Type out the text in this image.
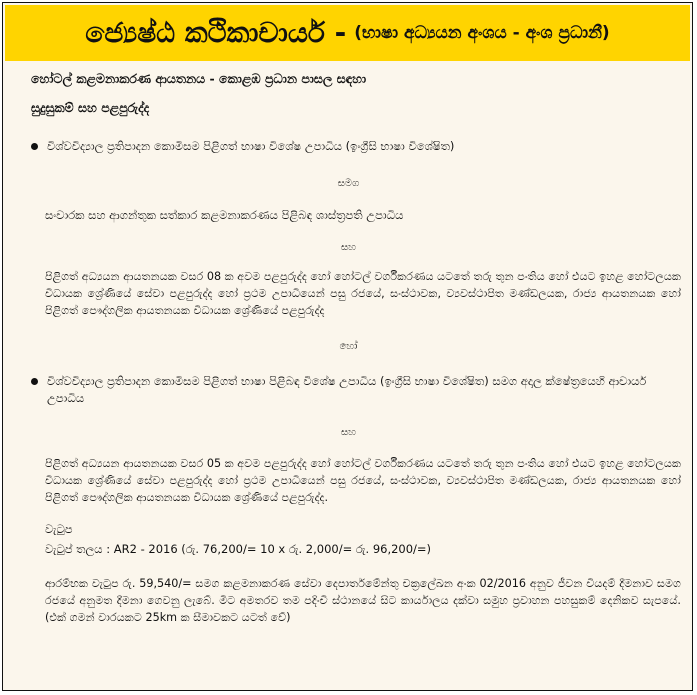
ජ්‍යෙෂ්ඨ කථිකාචාර්ය - (භාෂා අධ්‍යයන අංශය - අංශ ප්‍රධානී)
හෝටල් කළමනාකරණ ආයතනය - කොළඹ ප්‍රධාන පාසල සඳහා
සුදුසුකම් සහ පළපුරුද්ද
විශ්වවිද්‍යාල ප්‍රතිපාදන කොමිසම පිළිගත් භාෂා විශේෂ උපාධිය (ඉංග්‍රීසි භාෂා විශේෂිත)
සමග
සංචාරක සහ ආගන්තුක සත්කාර කළමනාකරණය පිළිබඳ ශාස්ත්‍රපති උපාධිය
සහ
පිළිගත් අධ්‍යයන ආයතනයක වසර 08 ක අවම පළපුරුද්ද හෝ හෝටල් වර්ගීකරණය යටතේ තරු තුන පංතිය හෝ එයට ඉහළ හෝටලයක විධායක ශ්‍රේණියේ සේවා පළපුරුද්ද හෝ ප්‍රථම උපාධියෙන් පසු රජයේ, සංස්ථාවක, ව්‍යවස්ථාපිත මණ්ඩලයක, රාජ්‍ය ආයතනයක හෝ පිළිගත් පෞද්ගලික ආයතනයක විධායක ශ්‍රේණියේ පළපුරුද්ද
හෝ
විශ්වවිද්‍යාල ප්‍රතිපාදන කොමිසම පිළිගත් භාෂා පිළිබඳ විශේෂ උපාධිය (ඉංග්‍රීසි භාෂා විශේෂිත) සමග අදාල ක්ෂේත්‍රයෙහි ආචාර්ය උපාධිය
සහ
පිළිගත් අධ්‍යයන ආයතනයක වසර 05 ක අවම පළපුරුද්ද හෝ හෝටල් වර්ගීකරණය යටතේ තරු තුන පංතිය හෝ එයට ඉහළ හෝටලයක විධායක ශ්‍රේණියේ සේවා පළපුරුද්ද හෝ ප්‍රථම උපාධියෙන් පසු රජයේ, සංස්ථාවක, ව්‍යවස්ථාපිත මණ්ඩලයක, රාජ්‍ය ආයතනයක හෝ පිළිගත් පෞද්ගලික ආයතනයක විධායක ශ්‍රේණියේ පළපුරුද්ද.
වැටුප
වැටුප් තලය : AR2 - 2016 (රු. 76,200/= 10 x රු. 2,000/= රු. 96,200/=)
ආරම්භක වැටුප රු. 59,540/= සමග කළමනාකරණ සේවා දෙපාර්තමේන්තු චක්‍රලේඛන අංක 02/2016 අනුව ජීවන වියදම් දීමනාව සමග රජයේ අනුමත දීමනා ගෙවනු ලැබේ. මීට අමතරව තම පදිංචි ස්ථානයේ සිට කාර්යාලය දක්වා සමුහ ප්‍රවාහන පහසුකම් දෙනිකව සැපයේ. (එක් ගමන් වාරයකට 25km ක සීමාවකට යටත් වේ)
